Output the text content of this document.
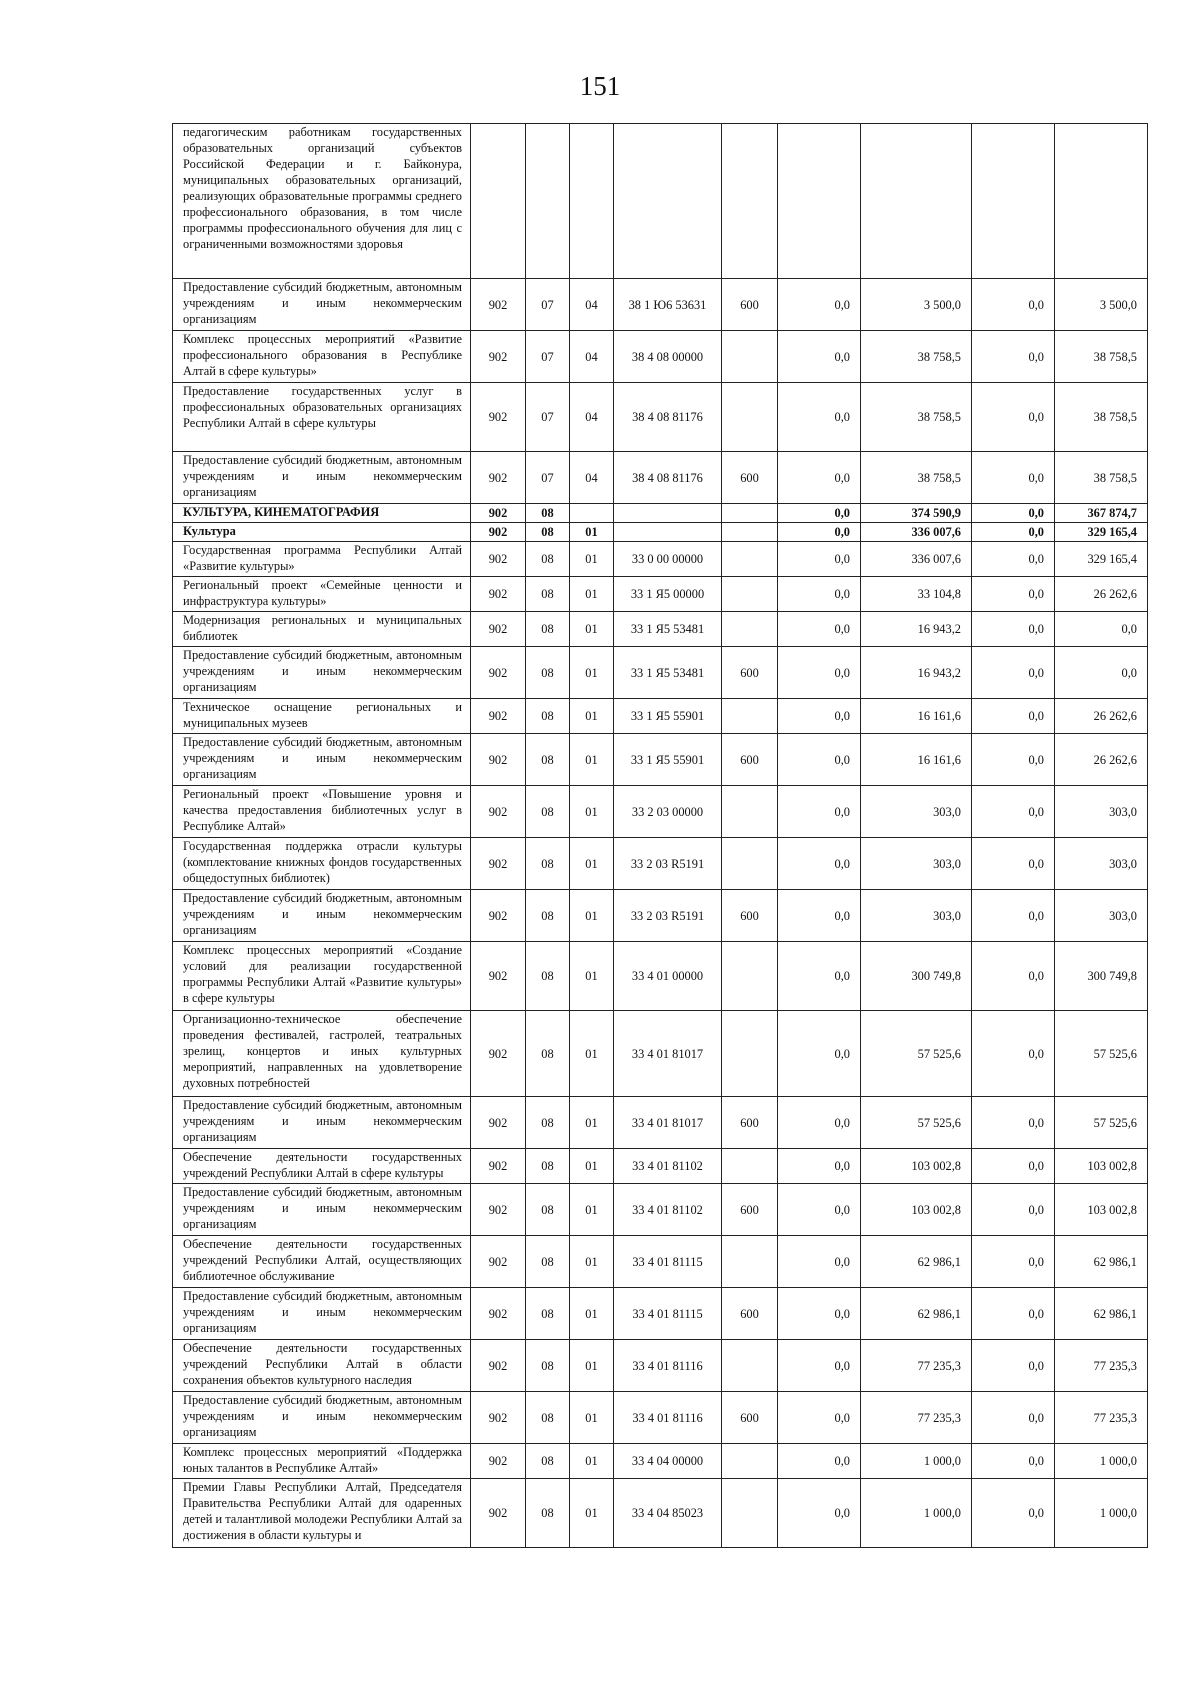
151
педагогическим работникам государственных образовательных организаций субъектов Российской Федерации и г. Байконура, муниципальных образовательных организаций, реализующих образовательные программы среднего профессионального образования, в том числе программы профессионального обучения для лиц с ограниченными возможностями здоровья									
Предоставление субсидий бюджетным, автономным учреждениям и иным некоммерческим организациям	902	07	04	38 1 Ю6 53631	600	0,0	3 500,0	0,0	3 500,0
Комплекс процессных мероприятий «Развитие профессионального образования в Республике Алтай в сфере культуры»	902	07	04	38 4 08 00000		0,0	38 758,5	0,0	38 758,5
Предоставление государственных услуг в профессиональных образовательных организациях Республики Алтай в сфере культуры	902	07	04	38 4 08 81176		0,0	38 758,5	0,0	38 758,5
Предоставление субсидий бюджетным, автономным учреждениям и иным некоммерческим организациям	902	07	04	38 4 08 81176	600	0,0	38 758,5	0,0	38 758,5
КУЛЬТУРА, КИНЕМАТОГРАФИЯ	902	08				0,0	374 590,9	0,0	367 874,7
Культура	902	08	01			0,0	336 007,6	0,0	329 165,4
Государственная программа Республики Алтай «Развитие культуры»	902	08	01	33 0 00 00000		0,0	336 007,6	0,0	329 165,4
Региональный проект «Семейные ценности и инфраструктура культуры»	902	08	01	33 1 Я5 00000		0,0	33 104,8	0,0	26 262,6
Модернизация региональных и муниципальных библиотек	902	08	01	33 1 Я5 53481		0,0	16 943,2	0,0	0,0
Предоставление субсидий бюджетным, автономным учреждениям и иным некоммерческим организациям	902	08	01	33 1 Я5 53481	600	0,0	16 943,2	0,0	0,0
Техническое оснащение региональных и муниципальных музеев	902	08	01	33 1 Я5 55901		0,0	16 161,6	0,0	26 262,6
Предоставление субсидий бюджетным, автономным учреждениям и иным некоммерческим организациям	902	08	01	33 1 Я5 55901	600	0,0	16 161,6	0,0	26 262,6
Региональный проект «Повышение уровня и качества предоставления библиотечных услуг в Республике Алтай»	902	08	01	33 2 03 00000		0,0	303,0	0,0	303,0
Государственная поддержка отрасли культуры (комплектование книжных фондов государственных общедоступных библиотек)	902	08	01	33 2 03 R5191		0,0	303,0	0,0	303,0
Предоставление субсидий бюджетным, автономным учреждениям и иным некоммерческим организациям	902	08	01	33 2 03 R5191	600	0,0	303,0	0,0	303,0
Комплекс процессных мероприятий «Создание условий для реализации государственной программы Республики Алтай «Развитие культуры» в сфере культуры	902	08	01	33 4 01 00000		0,0	300 749,8	0,0	300 749,8
Организационно-техническое обеспечение проведения фестивалей, гастролей, театральных зрелищ, концертов и иных культурных мероприятий, направленных на удовлетворение духовных потребностей	902	08	01	33 4 01 81017		0,0	57 525,6	0,0	57 525,6
Предоставление субсидий бюджетным, автономным учреждениям и иным некоммерческим организациям	902	08	01	33 4 01 81017	600	0,0	57 525,6	0,0	57 525,6
Обеспечение деятельности государственных учреждений Республики Алтай в сфере культуры	902	08	01	33 4 01 81102		0,0	103 002,8	0,0	103 002,8
Предоставление субсидий бюджетным, автономным учреждениям и иным некоммерческим организациям	902	08	01	33 4 01 81102	600	0,0	103 002,8	0,0	103 002,8
Обеспечение деятельности государственных учреждений Республики Алтай, осуществляющих библиотечное обслуживание	902	08	01	33 4 01 81115		0,0	62 986,1	0,0	62 986,1
Предоставление субсидий бюджетным, автономным учреждениям и иным некоммерческим организациям	902	08	01	33 4 01 81115	600	0,0	62 986,1	0,0	62 986,1
Обеспечение деятельности государственных учреждений Республики Алтай в области сохранения объектов культурного наследия	902	08	01	33 4 01 81116		0,0	77 235,3	0,0	77 235,3
Предоставление субсидий бюджетным, автономным учреждениям и иным некоммерческим организациям	902	08	01	33 4 01 81116	600	0,0	77 235,3	0,0	77 235,3
Комплекс процессных мероприятий «Поддержка юных талантов в Республике Алтай»	902	08	01	33 4 04 00000		0,0	1 000,0	0,0	1 000,0
Премии Главы Республики Алтай, Председателя Правительства Республики Алтай для одаренных детей и талантливой молодежи Республики Алтай за достижения в области культуры и	902	08	01	33 4 04 85023		0,0	1 000,0	0,0	1 000,0
